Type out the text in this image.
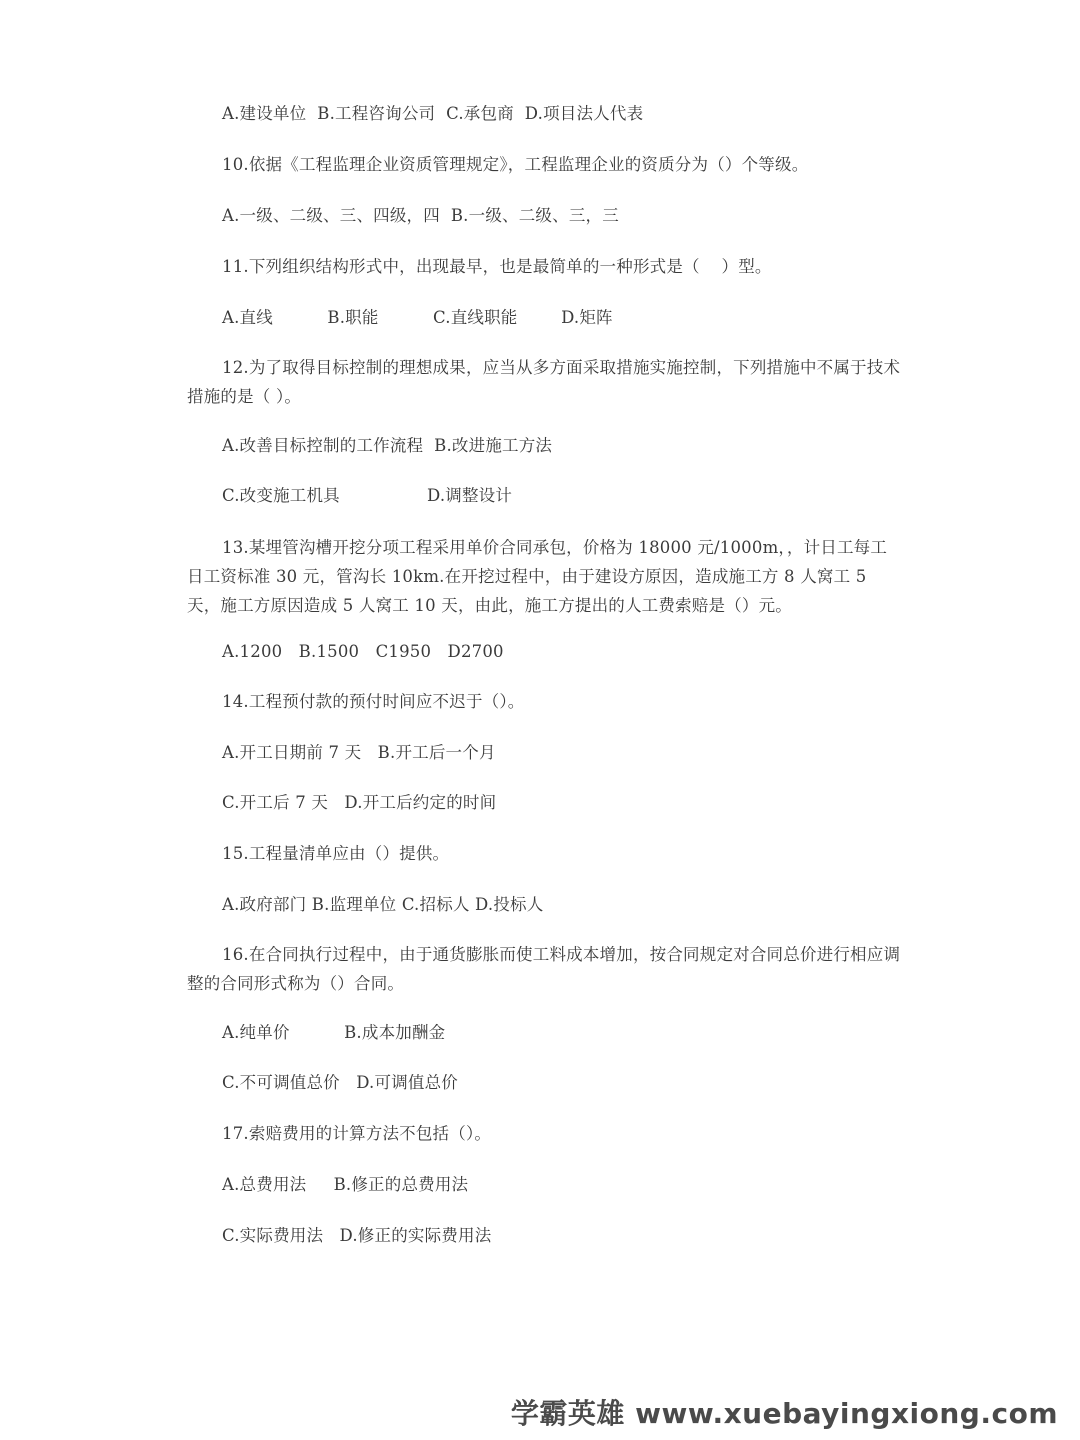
A.建设单位  B.工程咨询公司  C.承包商  D.项目法人代表
10.依据《工程监理企业资质管理规定》，工程监理企业的资质分为（）个等级。
A.一级、二级、三、四级，四  B.一级、二级、三，三
11.下列组织结构形式中，出现最早，也是最简单的一种形式是（    ）型。
A.直线          B.职能          C.直线职能        D.矩阵
12.为了取得目标控制的理想成果，应当从多方面采取措施实施控制，下列措施中不属于技术措施的是（ ）。
A.改善目标控制的工作流程  B.改进施工方法
C.改变施工机具                D.调整设计
13.某埋管沟槽开挖分项工程采用单价合同承包，价格为 18000 元/1000m，，计日工每工日工资标准 30 元，管沟长 10km.在开挖过程中，由于建设方原因，造成施工方 8 人窝工 5 天，施工方原因造成 5 人窝工 10 天，由此，施工方提出的人工费索赔是（）元。
A.1200   B.1500   C1950   D2700
14.工程预付款的预付时间应不迟于（）。
A.开工日期前 7 天   B.开工后一个月
C.开工后 7 天   D.开工后约定的时间
15.工程量清单应由（）提供。
A.政府部门 B.监理单位 C.招标人 D.投标人
16.在合同执行过程中，由于通货膨胀而使工料成本增加，按合同规定对合同总价进行相应调整的合同形式称为（）合同。
A.纯单价          B.成本加酬金
C.不可调值总价   D.可调值总价
17.索赔费用的计算方法不包括（）。
A.总费用法     B.修正的总费用法
C.实际费用法   D.修正的实际费用法
学霸英雄 www.xuebayingxiong.com
